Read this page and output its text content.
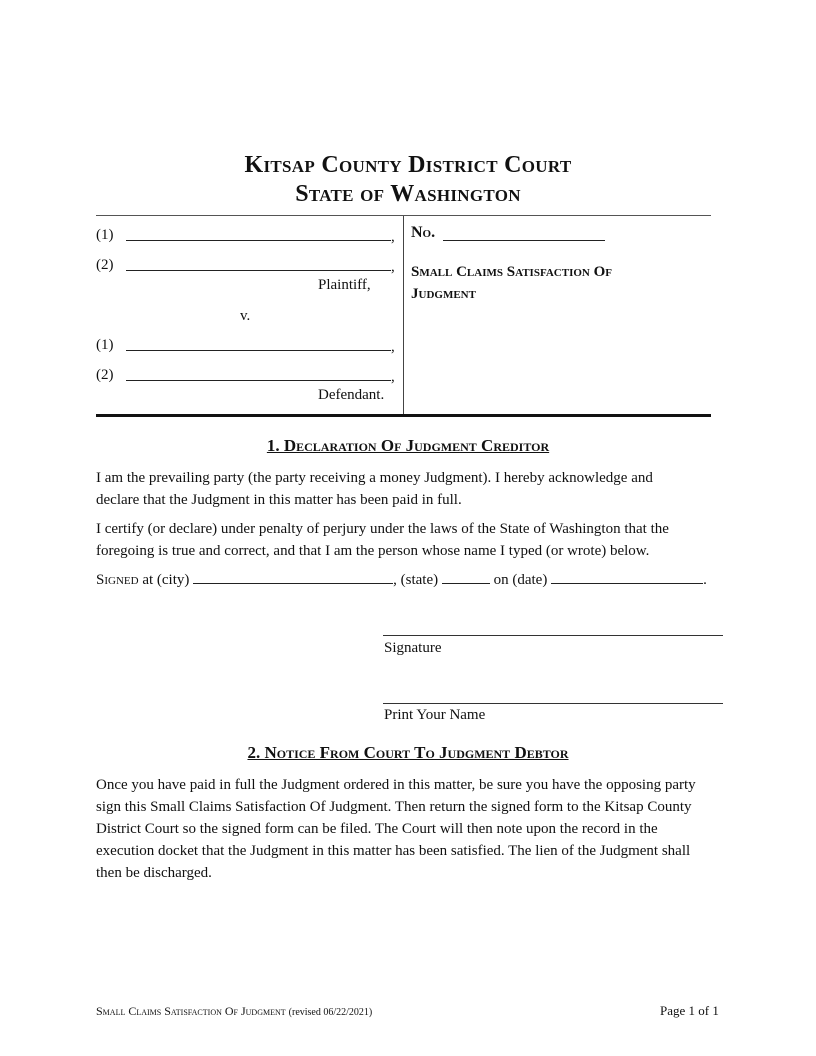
Kitsap County District Court
State of Washington
(1)	,
(2)	,
Plaintiff,
v.
(1)	,
(2)	,
Defendant.
No.
Small Claims Satisfaction Of
Judgment
1. Declaration Of Judgment Creditor
I am the prevailing party (the party receiving a money Judgment). I hereby acknowledge and
declare that the Judgment in this matter has been paid in full.
I certify (or declare) under penalty of perjury under the laws of the State of Washington that the
foregoing is true and correct, and that I am the person whose name I typed (or wrote) below.
Signed at (city)	, (state)	on (date)	.
Signature
Print Your Name
2. Notice From Court To Judgment Debtor
Once you have paid in full the Judgment ordered in this matter, be sure you have the opposing party
sign this Small Claims Satisfaction Of Judgment. Then return the signed form to the Kitsap County
District Court so the signed form can be filed. The Court will then note upon the record in the
execution docket that the Judgment in this matter has been satisfied. The lien of the Judgment shall
then be discharged.
Small Claims Satisfaction Of Judgment (revised 06/22/2021)	Page 1 of 1
